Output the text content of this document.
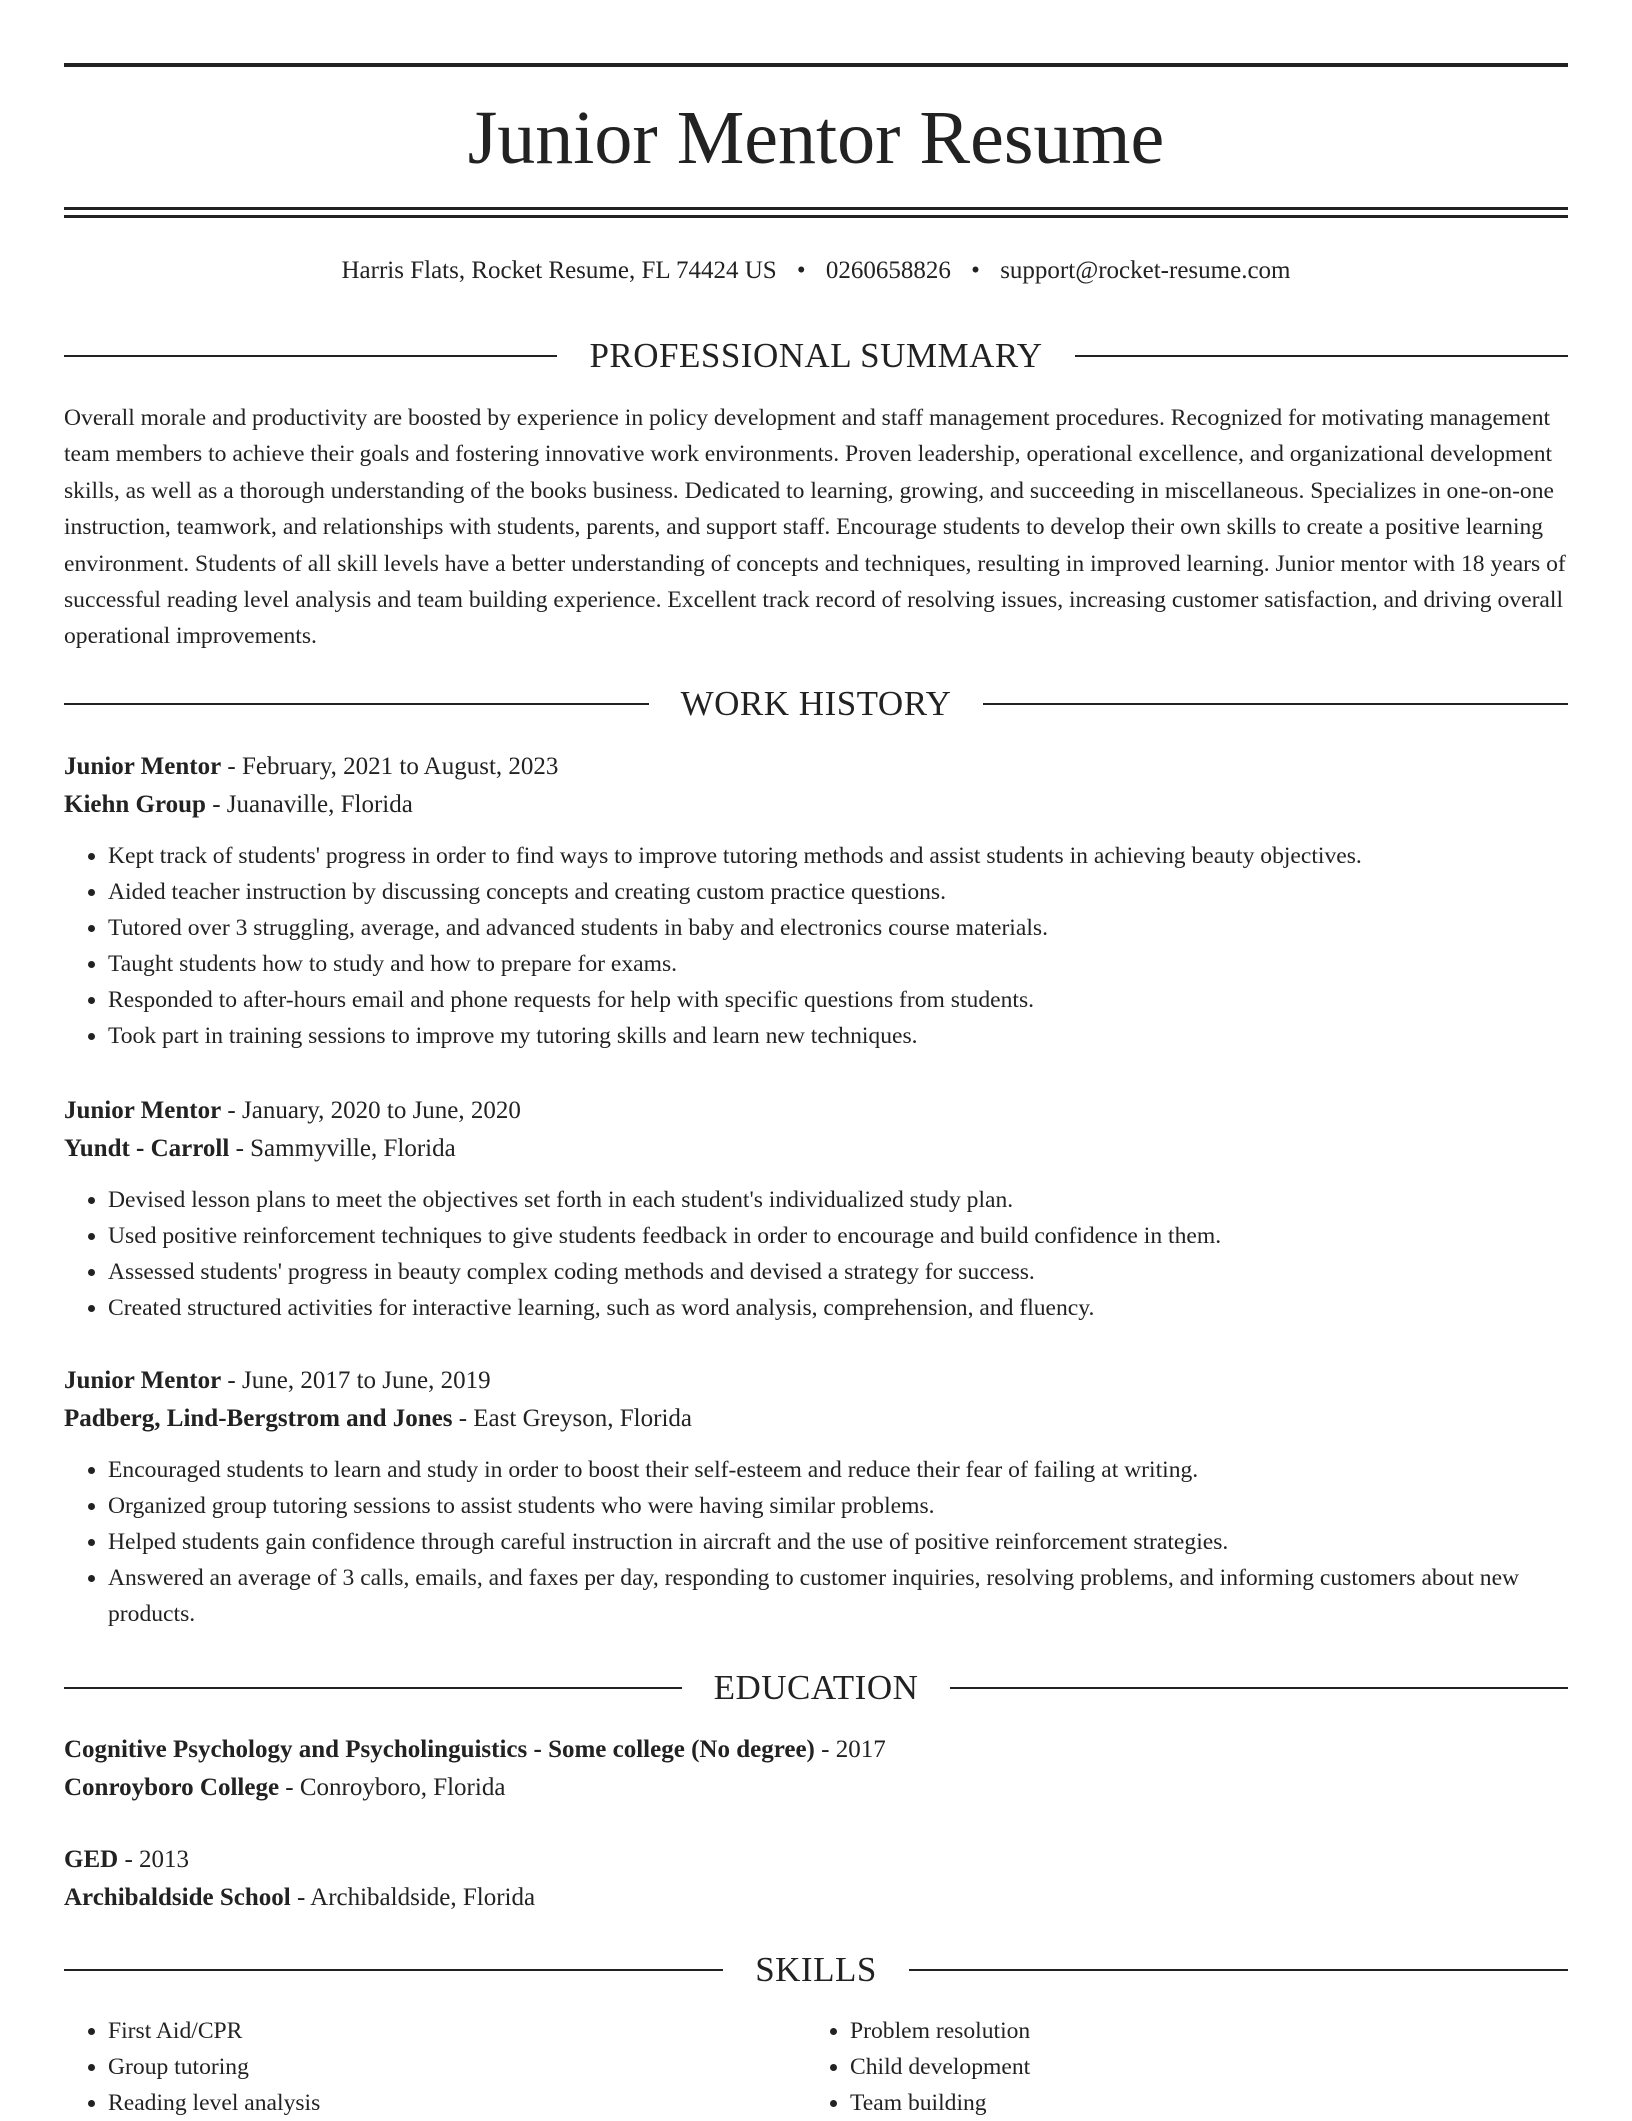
Junior Mentor Resume
Harris Flats, Rocket Resume, FL 74424 US • 0260658826 • support@rocket-resume.com
PROFESSIONAL SUMMARY

Overall morale and productivity are boosted by experience in policy development and staff management procedures. Recognized for motivating management team members to achieve their goals and fostering innovative work environments. Proven leadership, operational excellence, and organizational development skills, as well as a thorough understanding of the books business. Dedicated to learning, growing, and succeeding in miscellaneous. Specializes in one-on-one instruction, teamwork, and relationships with students, parents, and support staff. Encourage students to develop their own skills to create a positive learning environment. Students of all skill levels have a better understanding of concepts and techniques, resulting in improved learning. Junior mentor with 18 years of successful reading level analysis and team building experience. Excellent track record of resolving issues, increasing customer satisfaction, and driving overall operational improvements.

WORK HISTORY
Junior Mentor - February, 2021 to August, 2023
Kiehn Group - Juanaville, Florida
• Kept track of students' progress in order to find ways to improve tutoring methods and assist students in achieving beauty objectives.
• Aided teacher instruction by discussing concepts and creating custom practice questions.
• Tutored over 3 struggling, average, and advanced students in baby and electronics course materials.
• Taught students how to study and how to prepare for exams.
• Responded to after-hours email and phone requests for help with specific questions from students.
• Took part in training sessions to improve my tutoring skills and learn new techniques.
Junior Mentor - January, 2020 to June, 2020
Yundt - Carroll - Sammyville, Florida
• Devised lesson plans to meet the objectives set forth in each student's individualized study plan.
• Used positive reinforcement techniques to give students feedback in order to encourage and build confidence in them.
• Assessed students' progress in beauty complex coding methods and devised a strategy for success.
• Created structured activities for interactive learning, such as word analysis, comprehension, and fluency.
Junior Mentor - June, 2017 to June, 2019
Padberg, Lind-Bergstrom and Jones - East Greyson, Florida
• Encouraged students to learn and study in order to boost their self-esteem and reduce their fear of failing at writing.
• Organized group tutoring sessions to assist students who were having similar problems.
• Helped students gain confidence through careful instruction in aircraft and the use of positive reinforcement strategies.
• Answered an average of 3 calls, emails, and faxes per day, responding to customer inquiries, resolving problems, and informing customers about new products.
EDUCATION
Cognitive Psychology and Psycholinguistics - Some college (No degree) - 2017
Conroyboro College - Conroyboro, Florida
GED - 2013
Archibaldside School - Archibaldside, Florida
SKILLS
• First Aid/CPR
• Group tutoring
• Reading level analysis
• Problem resolution
• Child development
• Team building
